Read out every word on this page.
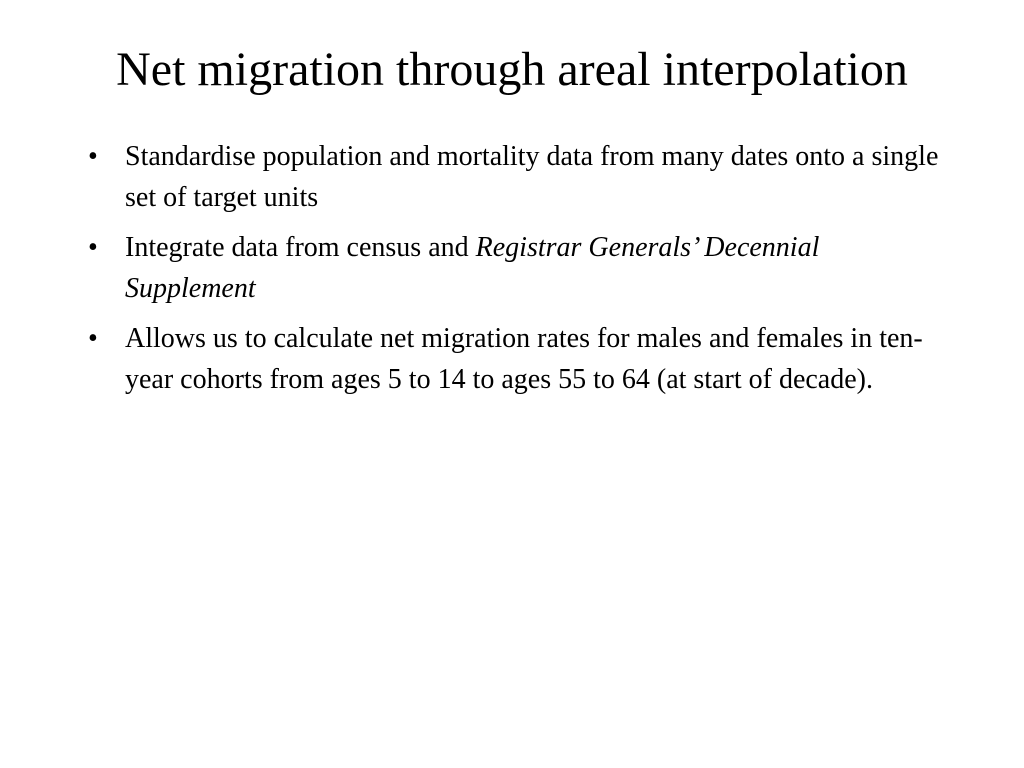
Net migration through areal interpolation
• Standardise population and mortality data from many dates onto a single set of target units
• Integrate data from census and Registrar Generals’ Decennial Supplement
• Allows us to calculate net migration rates for males and females in ten-year cohorts from ages 5 to 14 to ages 55 to 64 (at start of decade).
